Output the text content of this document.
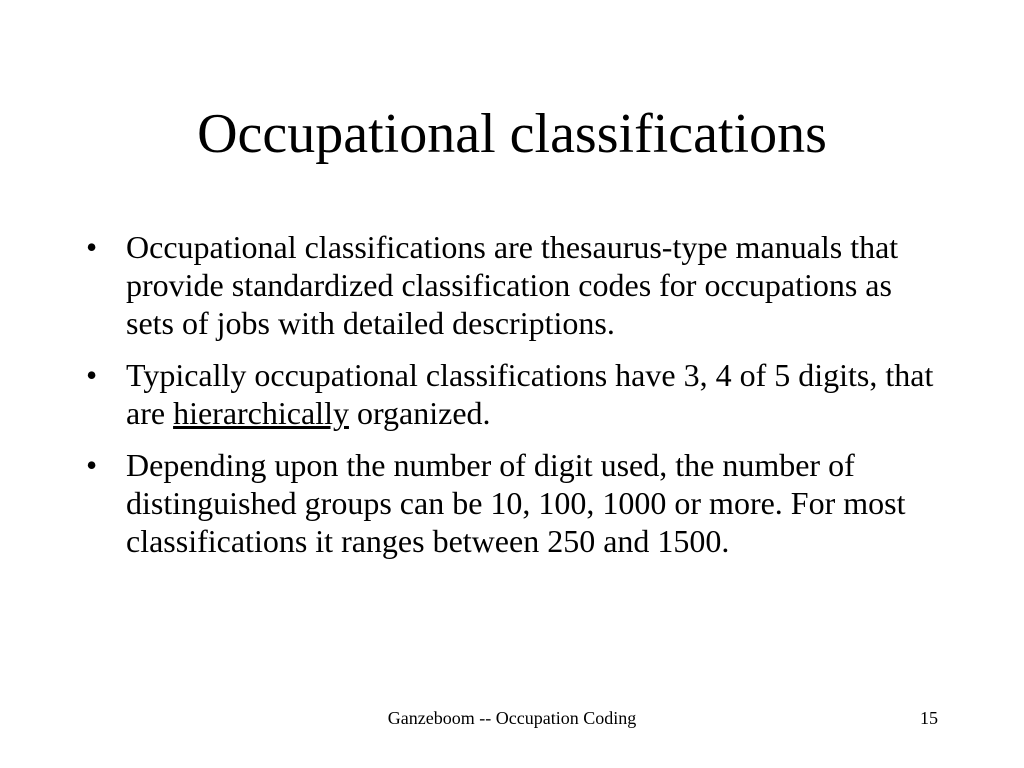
Occupational classifications
• Occupational classifications are thesaurus-type manuals that provide standardized classification codes for occupations as sets of jobs with detailed descriptions.
• Typically occupational classifications have 3, 4 of 5 digits, that are hierarchically organized.
• Depending upon the number of digit used, the number of distinguished groups can be 10, 100, 1000 or more. For most classifications it ranges between 250 and 1500.
Ganzeboom -- Occupation Coding	15
